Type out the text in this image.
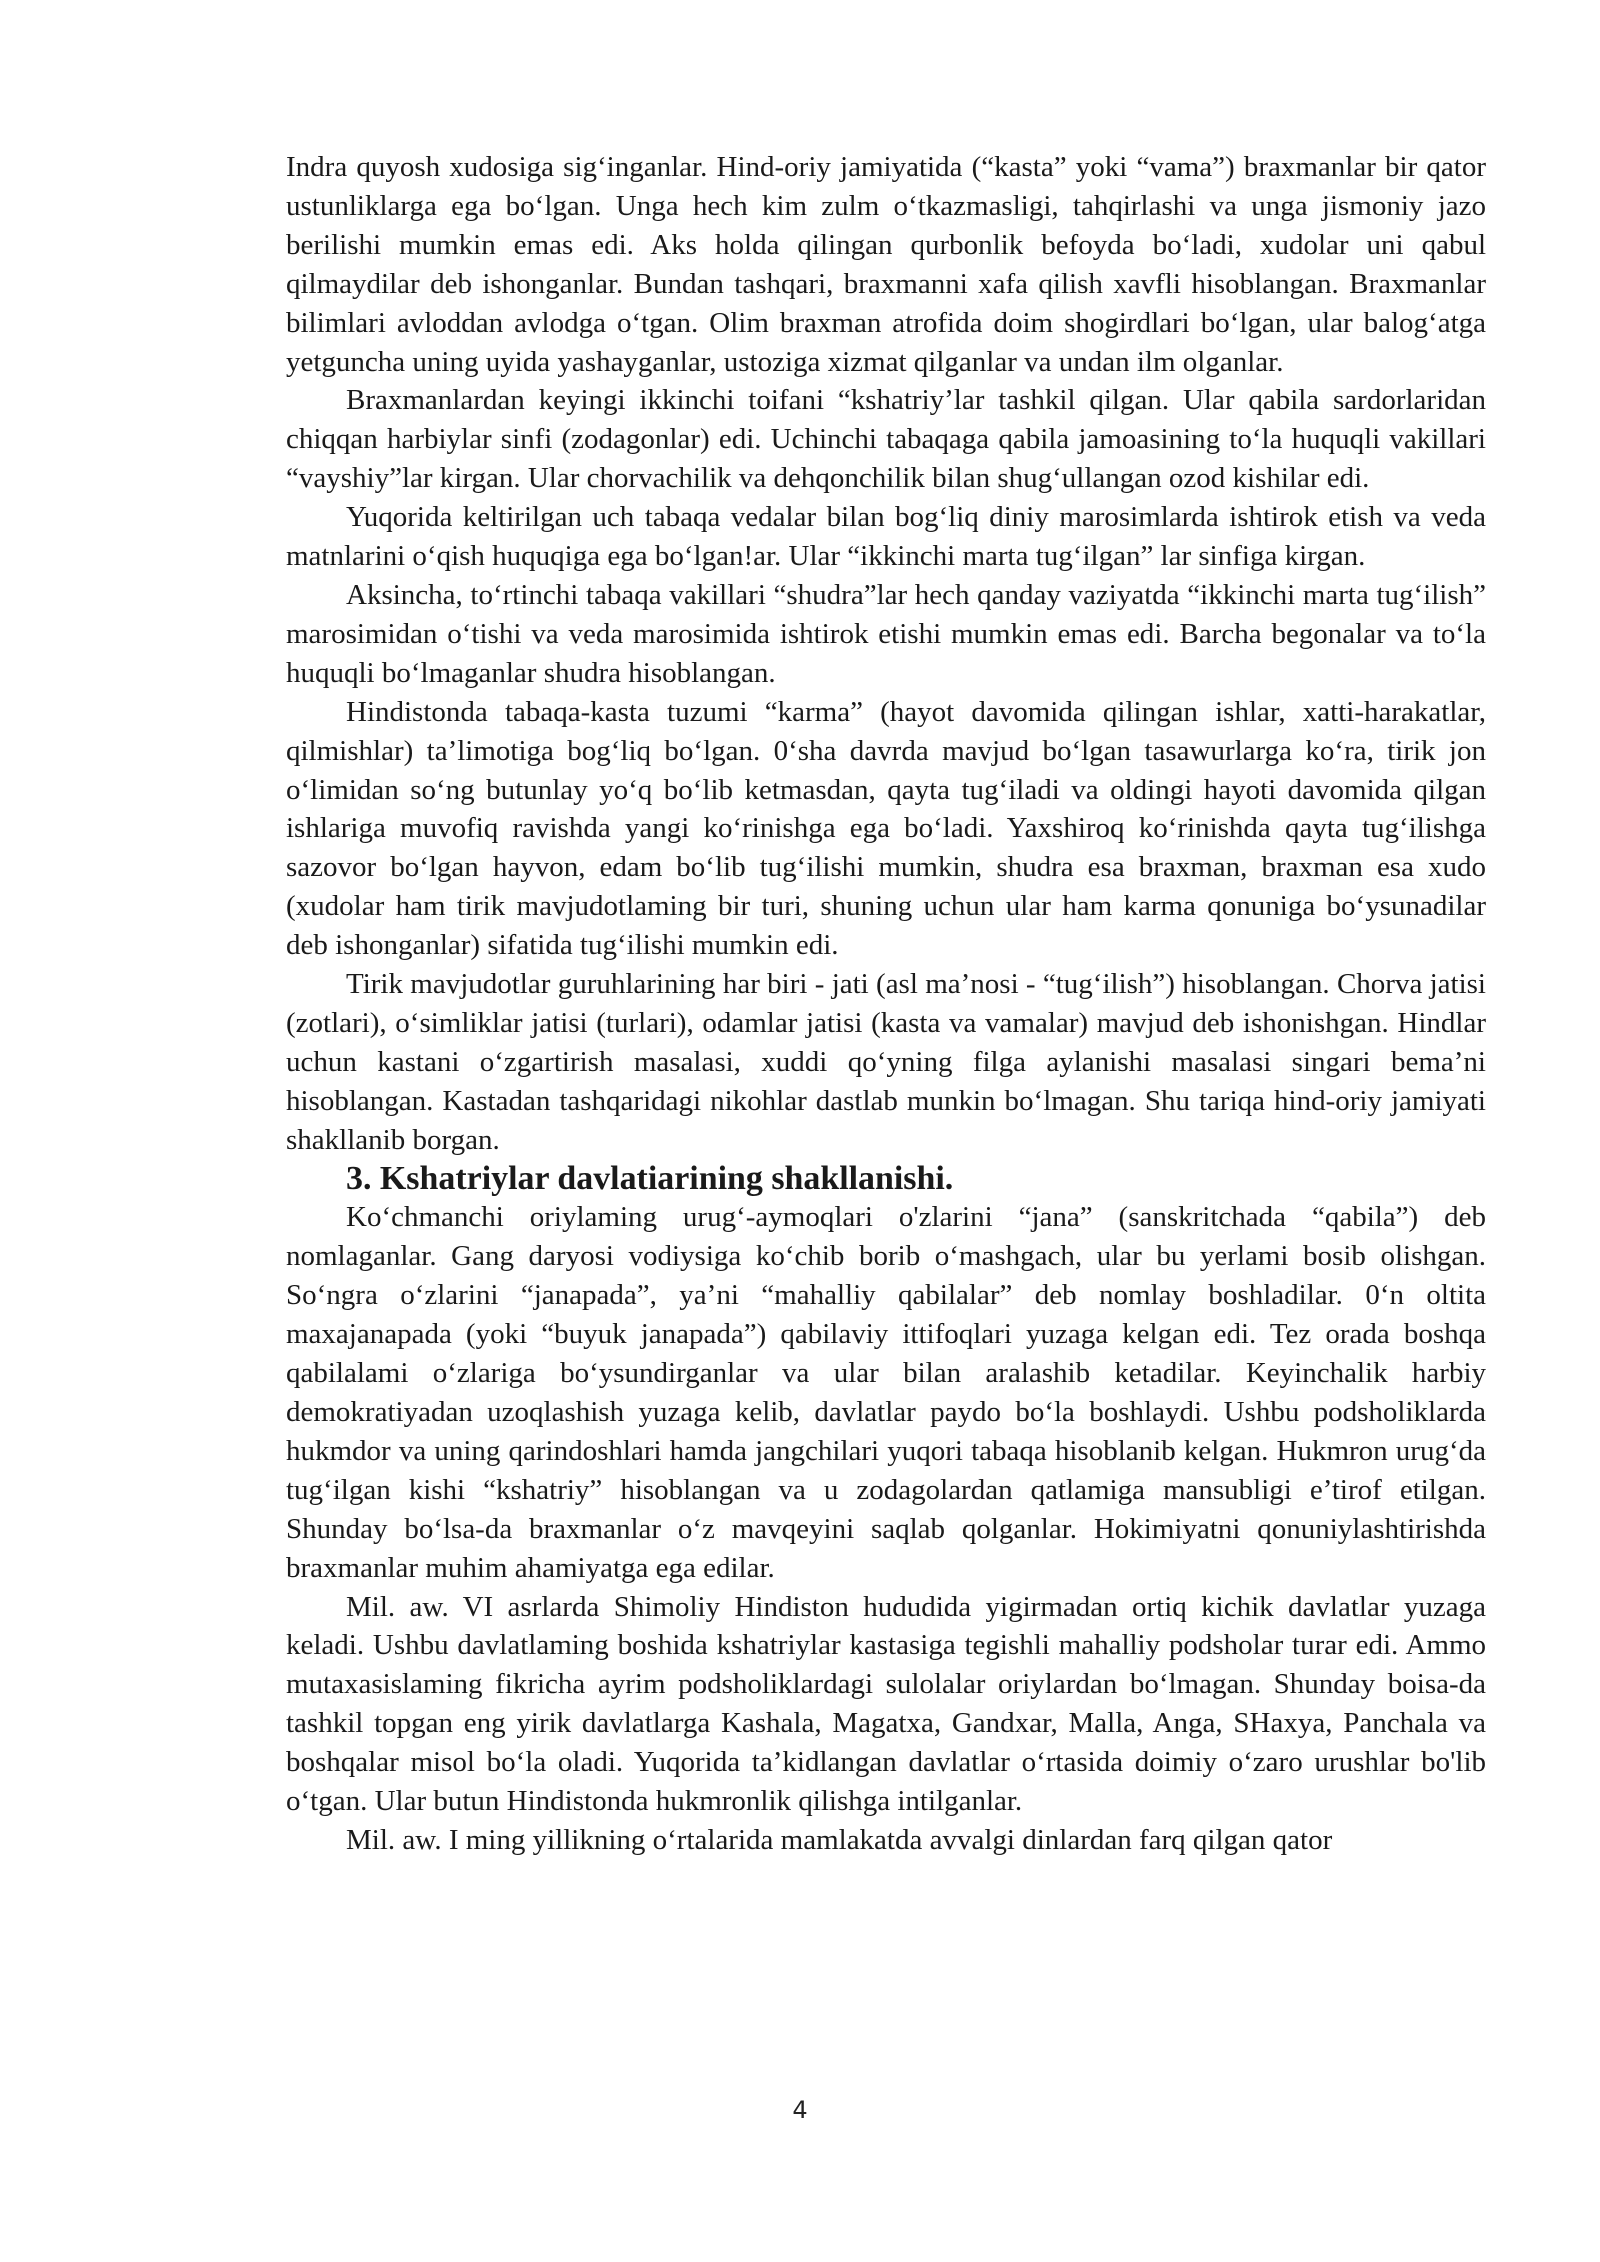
Indra quyosh xudosiga sig‘inganlar. Hind-oriy jamiyatida (“kasta” yoki “vama”) braxmanlar bir qator ustunliklarga ega bo‘lgan. Unga hech kim zulm o‘tkazmasligi, tahqirlashi va unga jismoniy jazo berilishi mumkin emas edi. Aks holda qilingan qurbonlik befoyda bo‘ladi, xudolar uni qabul qilmaydilar deb ishonganlar. Bundan tashqari, braxmanni xafa qilish xavfli hisoblangan. Braxmanlar bilimlari avloddan avlodga o‘tgan. Olim braxman atrofida doim shogirdlari bo‘lgan, ular balog‘atga yetguncha uning uyida yashayganlar, ustoziga xizmat qilganlar va undan ilm olganlar.

Braxmanlardan keyingi ikkinchi toifani “kshatriy’lar tashkil qilgan. Ular qabila sardorlaridan chiqqan harbiylar sinfi (zodagonlar) edi. Uchinchi tabaqaga qabila jamoasining to‘la huquqli vakillari “vayshiy”lar kirgan. Ular chorvachilik va dehqonchilik bilan shug‘ullangan ozod kishilar edi.

Yuqorida keltirilgan uch tabaqa vedalar bilan bog‘liq diniy marosimlarda ishtirok etish va veda matnlarini o‘qish huquqiga ega bo‘lgan!ar. Ular “ikkinchi marta tug‘ilgan” lar sinfiga kirgan.

Aksincha, to‘rtinchi tabaqa vakillari “shudra”lar hech qanday vaziyatda “ikkinchi marta tug‘ilish” marosimidan o‘tishi va veda marosimida ishtirok etishi mumkin emas edi. Barcha begonalar va to‘la huquqli bo‘lmaganlar shudra hisoblangan.

Hindistonda tabaqa-kasta tuzumi “karma” (hayot davomida qilingan ishlar, xatti-harakatlar, qilmishlar) ta’limotiga bog‘liq bo‘lgan. 0‘sha davrda mavjud bo‘lgan tasawurlarga ko‘ra, tirik jon o‘limidan so‘ng butunlay yo‘q bo‘lib ketmasdan, qayta tug‘iladi va oldingi hayoti davomida qilgan ishlariga muvofiq ravishda yangi ko‘rinishga ega bo‘ladi. Yaxshiroq ko‘rinishda qayta tug‘ilishga sazovor bo‘lgan hayvon, edam bo‘lib tug‘ilishi mumkin, shudra esa braxman, braxman esa xudo (xudolar ham tirik mavjudotlaming bir turi, shuning uchun ular ham karma qonuniga bo‘ysunadilar deb ishonganlar) sifatida tug‘ilishi mumkin edi.

Tirik mavjudotlar guruhlarining har biri - jati (asl ma’nosi - “tug‘ilish”) hisoblangan. Chorva jatisi (zotlari), o‘simliklar jatisi (turlari), odamlar jatisi (kasta va vamalar) mavjud deb ishonishgan. Hindlar uchun kastani o‘zgartirish masalasi, xuddi qo‘yning filga aylanishi masalasi singari bema’ni hisoblangan. Kastadan tashqaridagi nikohlar dastlab munkin bo‘lmagan. Shu tariqa hind-oriy jamiyati shakllanib borgan.

3. Kshatriylar davlatiarining shakllanishi.

Ko‘chmanchi oriylaming urug‘-aymoqlari o'zlarini “jana” (sanskritchada “qabila”) deb nomlaganlar. Gang daryosi vodiysiga ko‘chib borib o‘mashgach, ular bu yerlami bosib olishgan. So‘ngra o‘zlarini “janapada”, ya’ni “mahalliy qabilalar” deb nomlay boshladilar. 0‘n oltita maxajanapada (yoki “buyuk janapada”) qabilaviy ittifoqlari yuzaga kelgan edi. Tez orada boshqa qabilalami o‘zlariga bo‘ysundirganlar va ular bilan aralashib ketadilar. Keyinchalik harbiy demokratiyadan uzoqlashish yuzaga kelib, davlatlar paydo bo‘la boshlaydi. Ushbu podsholiklarda hukmdor va uning qarindoshlari hamda jangchilari yuqori tabaqa hisoblanib kelgan. Hukmron urug‘da tug‘ilgan kishi “kshatriy” hisoblangan va u zodagolardan qatlamiga mansubligi e’tirof etilgan. Shunday bo‘lsa-da braxmanlar o‘z mavqeyini saqlab qolganlar. Hokimiyatni qonuniylashtirishda braxmanlar muhim ahamiyatga ega edilar.

Mil. aw. VI asrlarda Shimoliy Hindiston hududida yigirmadan ortiq kichik davlatlar yuzaga keladi. Ushbu davlatlaming boshida kshatriylar kastasiga tegishli mahalliy podsholar turar edi. Ammo mutaxasislaming fikricha ayrim podsholiklardagi sulolalar oriylardan bo‘lmagan. Shunday boisa-da tashkil topgan eng yirik davlatlarga Kashala, Magatxa, Gandxar, Malla, Anga, SHaxya, Panchala va boshqalar misol bo‘la oladi. Yuqorida ta’kidlangan davlatlar o‘rtasida doimiy o‘zaro urushlar bo'lib o‘tgan. Ular butun Hindistonda hukmronlik qilishga intilganlar.

Mil. aw. I ming yillikning o‘rtalarida mamlakatda avvalgi dinlardan farq qilgan qator

4
